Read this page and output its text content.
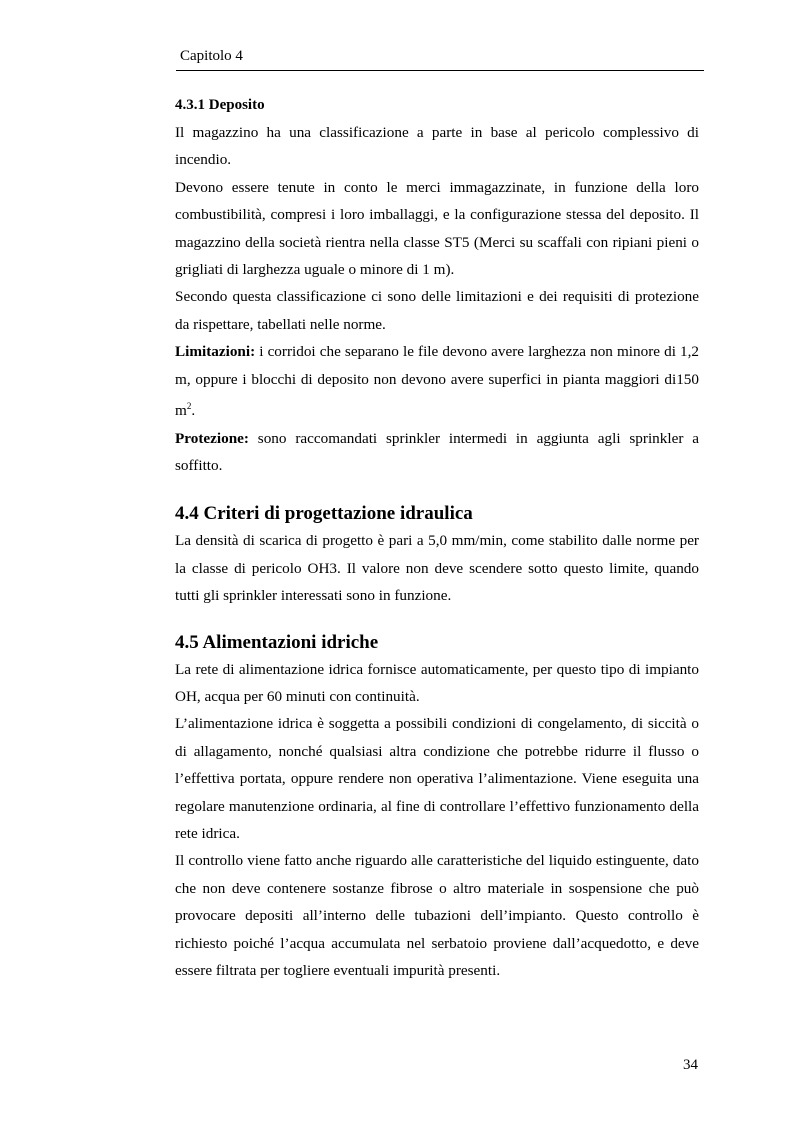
Capitolo 4

4.3.1 Deposito

Il magazzino ha una classificazione a parte in base al pericolo complessivo di incendio.

Devono essere tenute in conto le merci immagazzinate, in funzione della loro combustibilità, compresi i loro imballaggi, e la configurazione stessa del deposito. Il magazzino della società rientra nella classe ST5 (Merci su scaffali con ripiani pieni o grigliati di larghezza uguale o minore di 1 m).

Secondo questa classificazione ci sono delle limitazioni e dei requisiti di protezione da rispettare, tabellati nelle norme.

Limitazioni: i corridoi che separano le file devono avere larghezza non minore di 1,2 m, oppure i blocchi di deposito non devono avere superfici in pianta maggiori di150 $m^2$.

Protezione: sono raccomandati sprinkler intermedi in aggiunta agli sprinkler a soffitto.

4.4 Criteri di progettazione idraulica

La densità di scarica di progetto è pari a 5,0 mm/min, come stabilito dalle norme per la classe di pericolo OH3. Il valore non deve scendere sotto questo limite, quando tutti gli sprinkler interessati sono in funzione.

4.5 Alimentazioni idriche

La rete di alimentazione idrica fornisce automaticamente, per questo tipo di impianto OH, acqua per 60 minuti con continuità.

L’alimentazione idrica è soggetta a possibili condizioni di congelamento, di siccità o di allagamento, nonché qualsiasi altra condizione che potrebbe ridurre il flusso o l’effettiva portata, oppure rendere non operativa l’alimentazione. Viene eseguita una regolare manutenzione ordinaria, al fine di controllare l’effettivo funzionamento della rete idrica.

Il controllo viene fatto anche riguardo alle caratteristiche del liquido estinguente, dato che non deve contenere sostanze fibrose o altro materiale in sospensione che può provocare depositi all’interno delle tubazioni dell’impianto. Questo controllo è richiesto poiché l’acqua accumulata nel serbatoio proviene dall’acquedotto, e deve essere filtrata per togliere eventuali impurità presenti.

34
